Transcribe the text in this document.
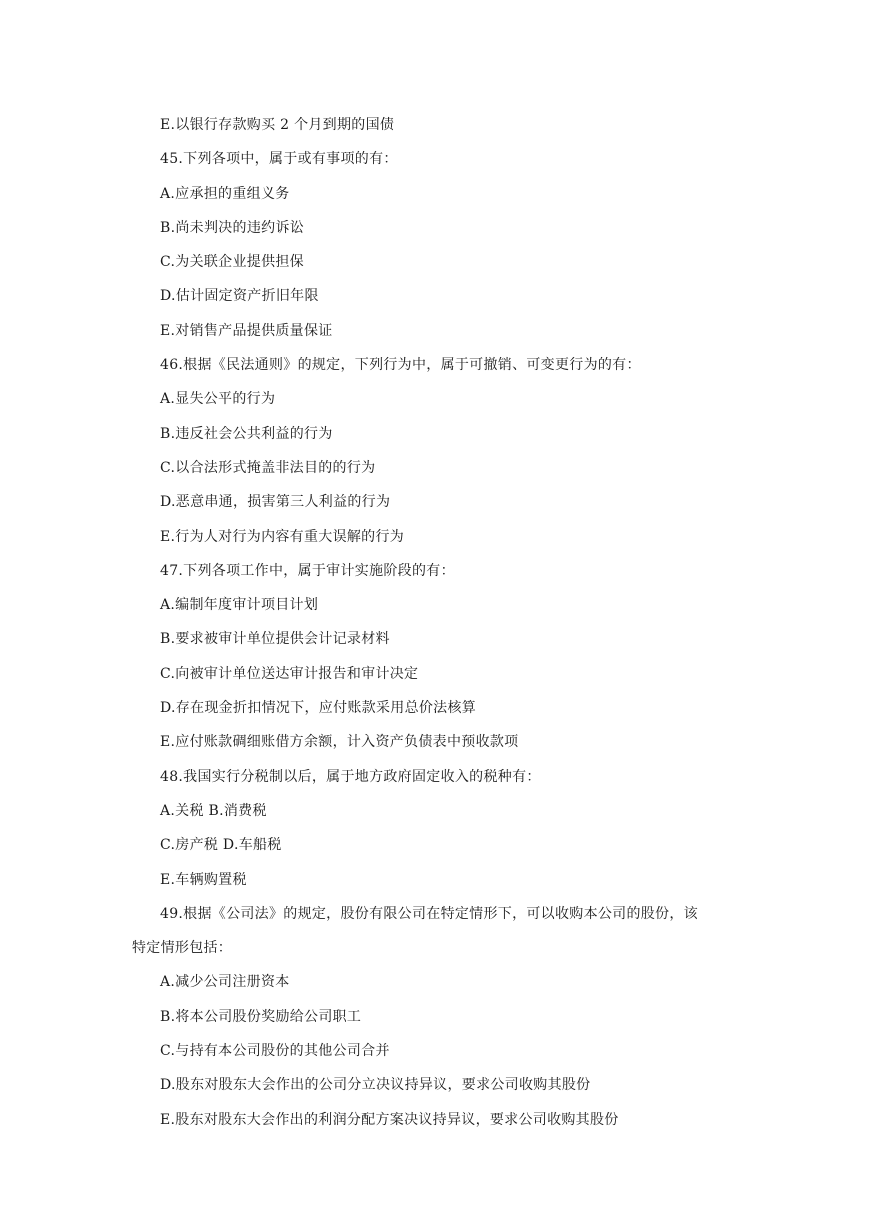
E.以银行存款购买 2 个月到期的国债
45.下列各项中，属于或有事项的有：
A.应承担的重组义务
B.尚未判决的违约诉讼
C.为关联企业提供担保
D.估计固定资产折旧年限
E.对销售产品提供质量保证
46.根据《民法通则》的规定，下列行为中，属于可撤销、可变更行为的有：
A.显失公平的行为
B.违反社会公共利益的行为
C.以合法形式掩盖非法目的的行为
D.恶意串通，损害第三人利益的行为
E.行为人对行为内容有重大误解的行为
47.下列各项工作中，属于审计实施阶段的有：
A.编制年度审计项目计划
B.要求被审计单位提供会计记录材料
C.向被审计单位送达审计报告和审计决定
D.存在现金折扣情况下，应付账款采用总价法核算
E.应付账款碉细账借方余额，计入资产负债表中预收款项
48.我国实行分税制以后，属于地方政府固定收入的税种有：
A.关税 B.消费税
C.房产税 D.车船税
E.车辆购置税
49.根据《公司法》的规定，股份有限公司在特定情形下，可以收购本公司的股份，该
特定情形包括：
A.减少公司注册资本
B.将本公司股份奖励给公司职工
C.与持有本公司股份的其他公司合并
D.股东对股东大会作出的公司分立决议持异议，要求公司收购其股份
E.股东对股东大会作出的利润分配方案决议持异议，要求公司收购其股份
